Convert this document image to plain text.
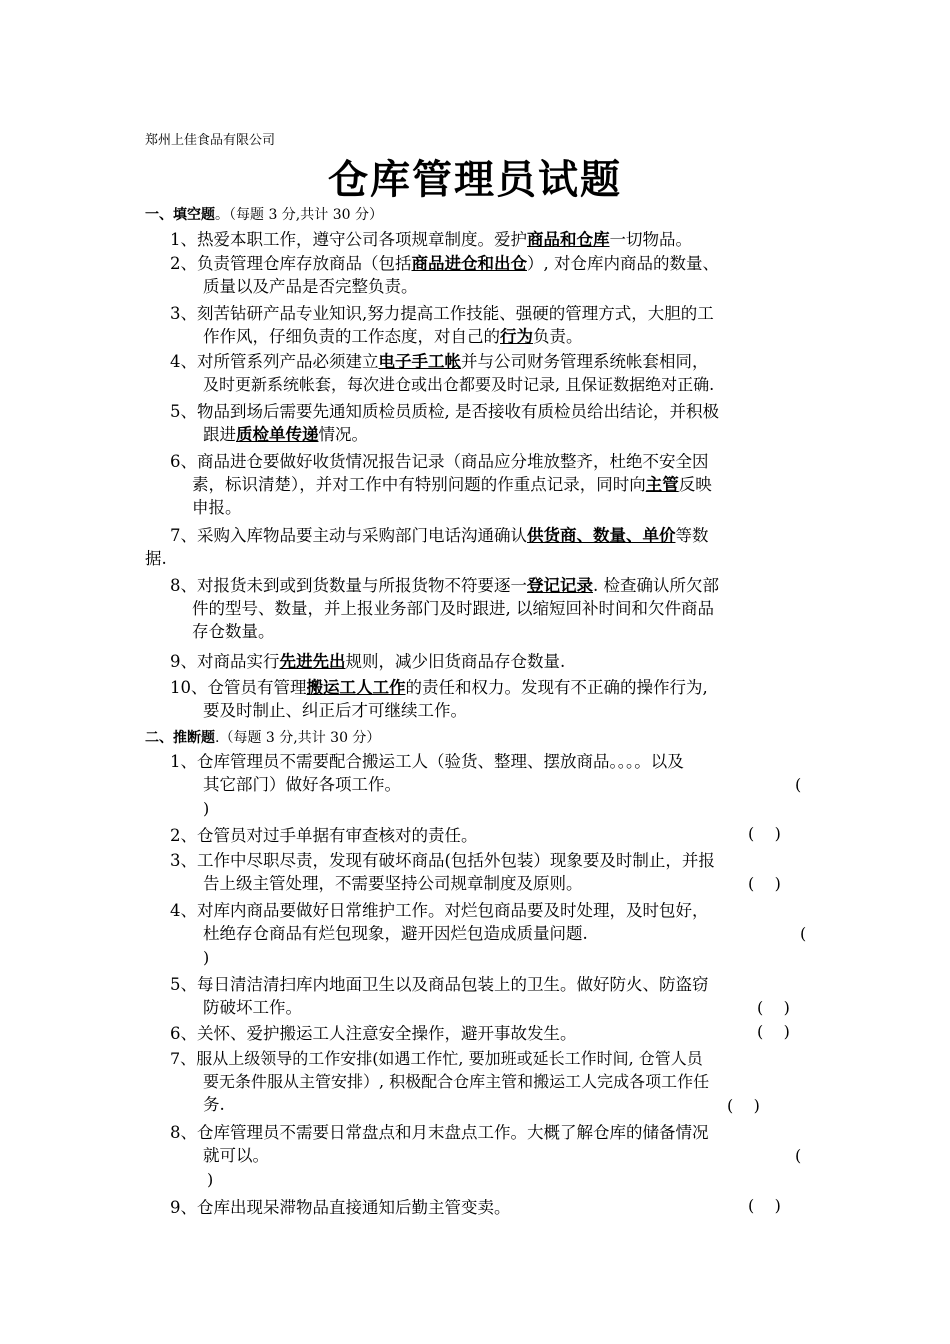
郑州上佳食品有限公司
仓库管理员试题
一、填空题。（每题 3 分,共计 30 分）
1、热爱本职工作，遵守公司各项规章制度。爱护商品和仓库一切物品。
2、负责管理仓库存放商品（包括商品进仓和出仓）, 对仓库内商品的数量、
质量以及产品是否完整负责。
3、刻苦钻研产品专业知识,努力提高工作技能、强硬的管理方式，大胆的工
作作风，仔细负责的工作态度，对自己的行为负责。
4、对所管系列产品必须建立电子手工帐并与公司财务管理系统帐套相同，
及时更新系统帐套，每次进仓或出仓都要及时记录, 且保证数据绝对正确.
5、物品到场后需要先通知质检员质检, 是否接收有质检员给出结论，并积极
跟进质检单传递情况。
6、商品进仓要做好收货情况报告记录（商品应分堆放整齐，杜绝不安全因
素，标识清楚），并对工作中有特别问题的作重点记录，同时向主管反映
申报。
7、采购入库物品要主动与采购部门电话沟通确认供货商、数量、单价等数
据.
8、对报货未到或到货数量与所报货物不符要逐一登记记录. 检查确认所欠部
件的型号、数量，并上报业务部门及时跟进, 以缩短回补时间和欠件商品
存仓数量。
9、对商品实行先进先出规则，减少旧货商品存仓数量.
10、仓管员有管理搬运工人工作的责任和权力。发现有不正确的操作行为,
要及时制止、纠正后才可继续工作。
二、推断题.（每题 3 分,共计 30 分）
1、仓库管理员不需要配合搬运工人（验货、整理、摆放商品。。。。以及
其它部门）做好各项工作。	(
)
2、仓管员对过手单据有审查核对的责任。	(    )
3、工作中尽职尽责，发现有破坏商品(包括外包装）现象要及时制止，并报
告上级主管处理，不需要坚持公司规章制度及原则。	(    )
4、对库内商品要做好日常维护工作。对烂包商品要及时处理，及时包好，
杜绝存仓商品有烂包现象，避开因烂包造成质量问题.	(
)
5、每日清洁清扫库内地面卫生以及商品包装上的卫生。做好防火、防盗窃
防破坏工作。	(    )
6、关怀、爱护搬运工人注意安全操作，避开事故发生。	(    )
7、服从上级领导的工作安排(如遇工作忙, 要加班或延长工作时间, 仓管人员
要无条件服从主管安排）, 积极配合仓库主管和搬运工人完成各项工作任
务.	(    )
8、仓库管理员不需要日常盘点和月末盘点工作。大概了解仓库的储备情况
就可以。	(
)
9、仓库出现呆滞物品直接通知后勤主管变卖。	(    )
